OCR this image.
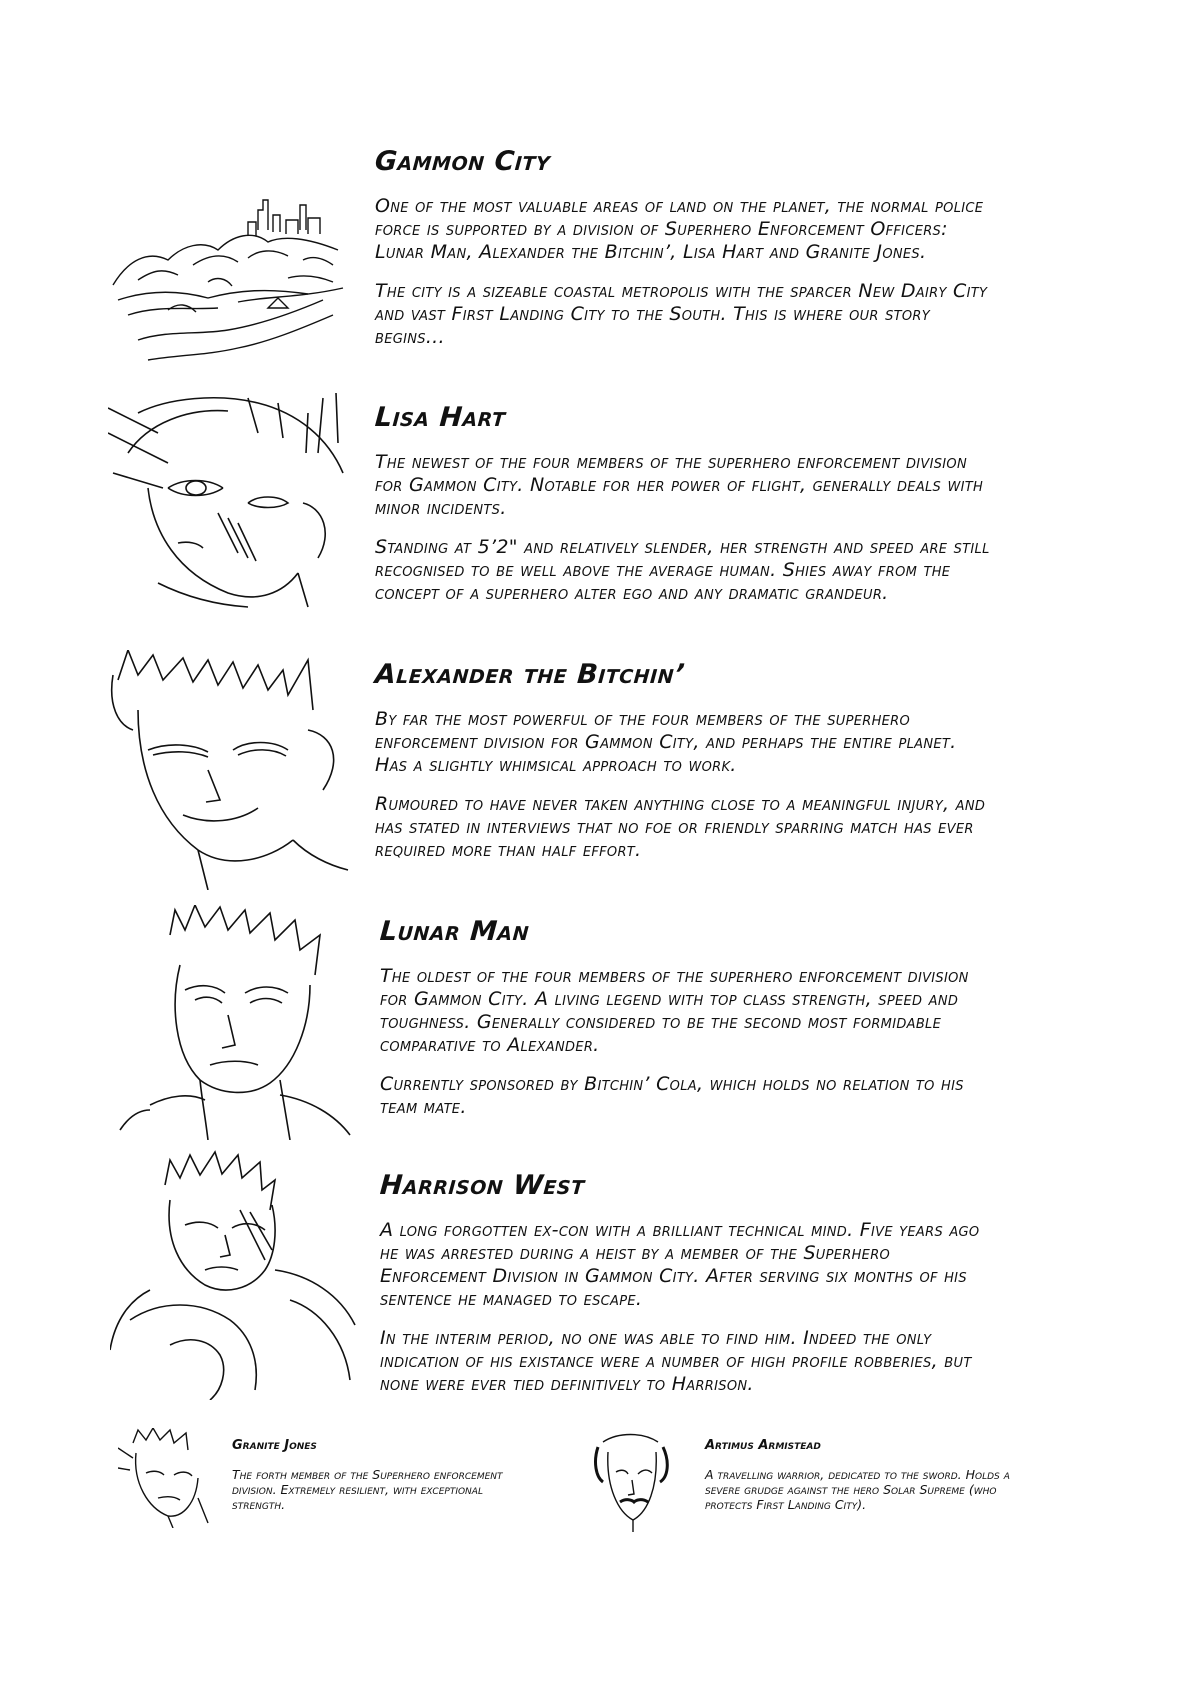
Gammon City

One of the most valuable areas of land on the planet, the normal police force is supported by a division of Superhero Enforcement Officers: Lunar Man, Alexander the Bitchin’, Lisa Hart and Granite Jones.

The city is a sizeable coastal metropolis with the sparcer New Dairy City and vast First Landing City to the South. This is where our story begins...

Lisa Hart

The newest of the four members of the superhero enforcement division for Gammon City. Notable for her power of flight, generally deals with minor incidents.

Standing at 5’2" and relatively slender, her strength and speed are still recognised to be well above the average human. Shies away from the concept of a superhero alter ego and any dramatic grandeur.

Alexander the Bitchin’

By far the most powerful of the four members of the superhero enforcement division for Gammon City, and perhaps the entire planet. Has a slightly whimsical approach to work.

Rumoured to have never taken anything close to a meaningful injury, and has stated in interviews that no foe or friendly sparring match has ever required more than half effort.

Lunar Man

The oldest of the four members of the superhero enforcement division for Gammon City. A living legend with top class strength, speed and toughness. Generally considered to be the second most formidable comparative to Alexander.

Currently sponsored by Bitchin’ Cola, which holds no relation to his team mate.

Harrison West

A long forgotten ex-con with a brilliant technical mind. Five years ago he was arrested during a heist by a member of the Superhero Enforcement Division in Gammon City. After serving six months of his sentence he managed to escape.

In the interim period, no one was able to find him. Indeed the only indication of his existance were a number of high profile robberies, but none were ever tied definitively to Harrison.

Granite Jones

The forth member of the Superhero enforcement division. Extremely resilient, with exceptional strength.

Artimus Armistead

A travelling warrior, dedicated to the sword. Holds a severe grudge against the hero Solar Supreme (who protects First Landing City).
